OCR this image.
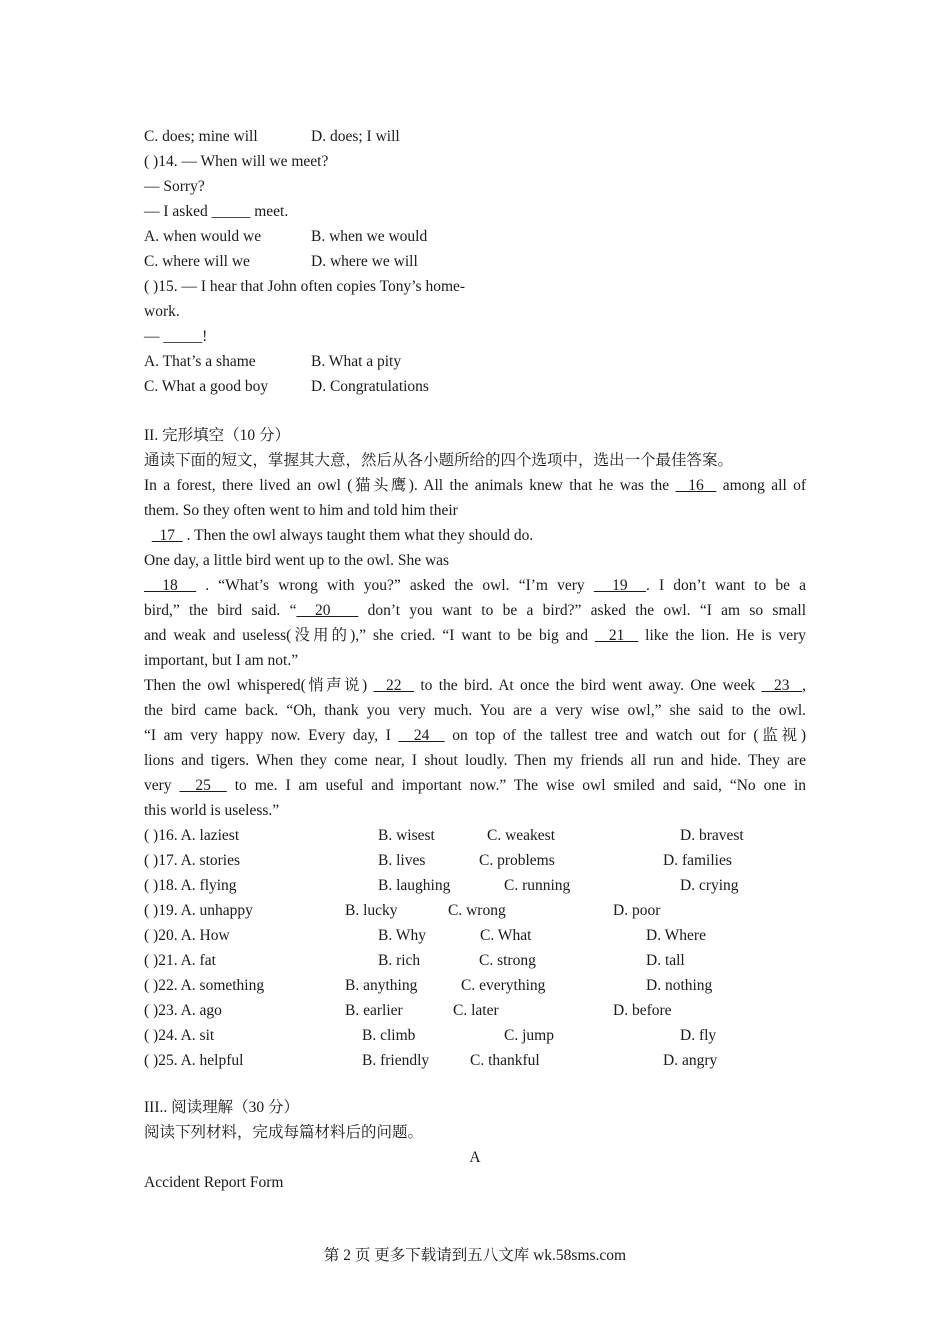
C. does; mine will	D. does; I will
( )14. — When will we meet?
— Sorry?
— I asked _____ meet.
A. when would we	B. when we would
C. where will we	D. where we will
( )15. — I hear that John often copies Tony’s home-
work.
— _____!
A. That’s a shame	B. What a pity
C. What a good boy	D. Congratulations
II. 完形填空（10 分）
通读下面的短文，掌握其大意，然后从各小题所给的四个选项中，选出一个最佳答案。
In a forest, there lived an owl (猫头鹰). All the animals knew that he was the   16   among all of
them. So they often went to him and told him their
17   . Then the owl always taught them what they should do.
One day, a little bird went up to the owl. She was
18   . “What’s wrong with you?” asked the owl. “I’m very   19  . I don’t want to be a
bird,” the bird said. “  20    don’t you want to be a bird?” asked the owl. “I am so small
and weak and useless(没用的),” she cried. “I want to be big and   21   like the lion. He is very
important, but I am not.”
Then the owl whispered(悄声说)   22   to the bird. At once the bird went away. One week   23  ,
the bird came back. “Oh, thank you very much. You are a very wise owl,” she said to the owl.
“I am very happy now. Every day, I   24   on top of the tallest tree and watch out for (监视)
lions and tigers. When they come near, I shout loudly. Then my friends all run and hide. They are
very   25   to me. I am useful and important now.” The wise owl smiled and said, “No one in
this world is useless.”
( )16. A. laziest	B. wisest	C. weakest	D. bravest
( )17. A. stories	B. lives	C. problems	D. families
( )18. A. flying	B. laughing	C. running	D. crying
( )19. A. unhappy	B. lucky	C. wrong	D. poor
( )20. A. How	B. Why	C. What	D. Where
( )21. A. fat	B. rich	C. strong	D. tall
( )22. A. something	B. anything	C. everything	D. nothing
( )23. A. ago	B. earlier	C. later	D. before
( )24. A. sit	B. climb	C. jump	D. fly
( )25. A. helpful	B. friendly	C. thankful	D. angry
III.. 阅读理解（30 分）
阅读下列材料，完成每篇材料后的问题。
A
Accident Report Form
第 2 页 更多下载请到五八文库 wk.58sms.com
